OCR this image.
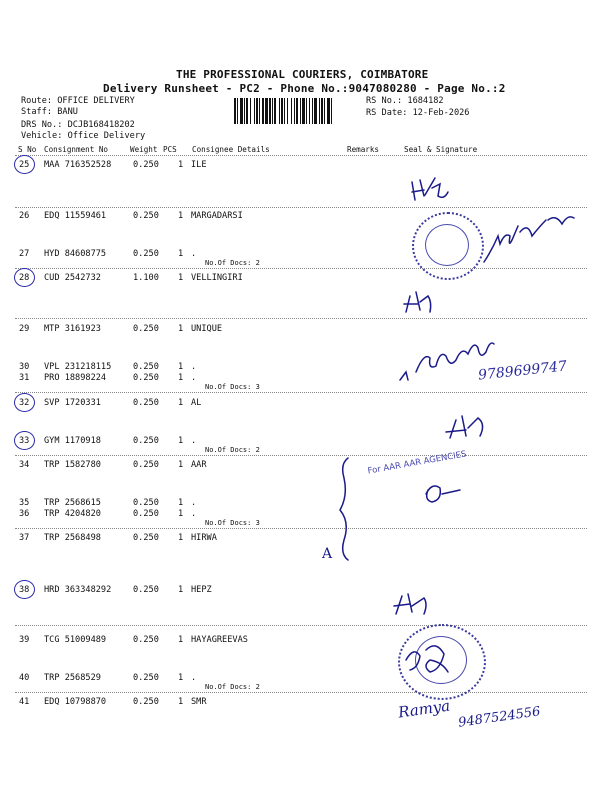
THE PROFESSIONAL COURIERS, COIMBATORE
Delivery Runsheet - PC2 - Phone No.:9047080280 - Page No.:2
Route: OFFICE DELIVERY
Staff: BANU
DRS No.: DCJB168418202
Vehicle: Office Delivery
RS No.: 1684182
RS Date: 12-Feb-2026
S No Consignment No	Weight PCS Consignee Details	Remarks	Seal & Signature
25 MAA 716352528	0.250 1 ILE
26 EDQ 11559461	0.250 1 MARGADARSI
27 HYD 84608775	0.250 1 .
No.Of Docs: 2
28 CUD 2542732	1.100 1 VELLINGIRI
29 MTP 3161923	0.250 1 UNIQUE
30 VPL 231218115	0.250 1 .
31 PRO 18898224	0.250 1 .
No.Of Docs: 3
32 SVP 1720331	0.250 1 AL
33 GYM 1170918	0.250 1 .
No.Of Docs: 2
34 TRP 1582780	0.250 1 AAR
35 TRP 2568615	0.250 1 .
36 TRP 4204820	0.250 1 .
No.Of Docs: 3
37 TRP 2568498	0.250 1 HIRWA
38 HRD 363348292	0.250 1 HEPZ
39 TCG 51009489	0.250 1 HAYAGREEVAS
40 TRP 2568529	0.250 1 .
No.Of Docs: 2
41 EDQ 10798870	0.250 1 SMR
9789699747
For AAR AAR AGENCIES
A
Ramya 9487524556
